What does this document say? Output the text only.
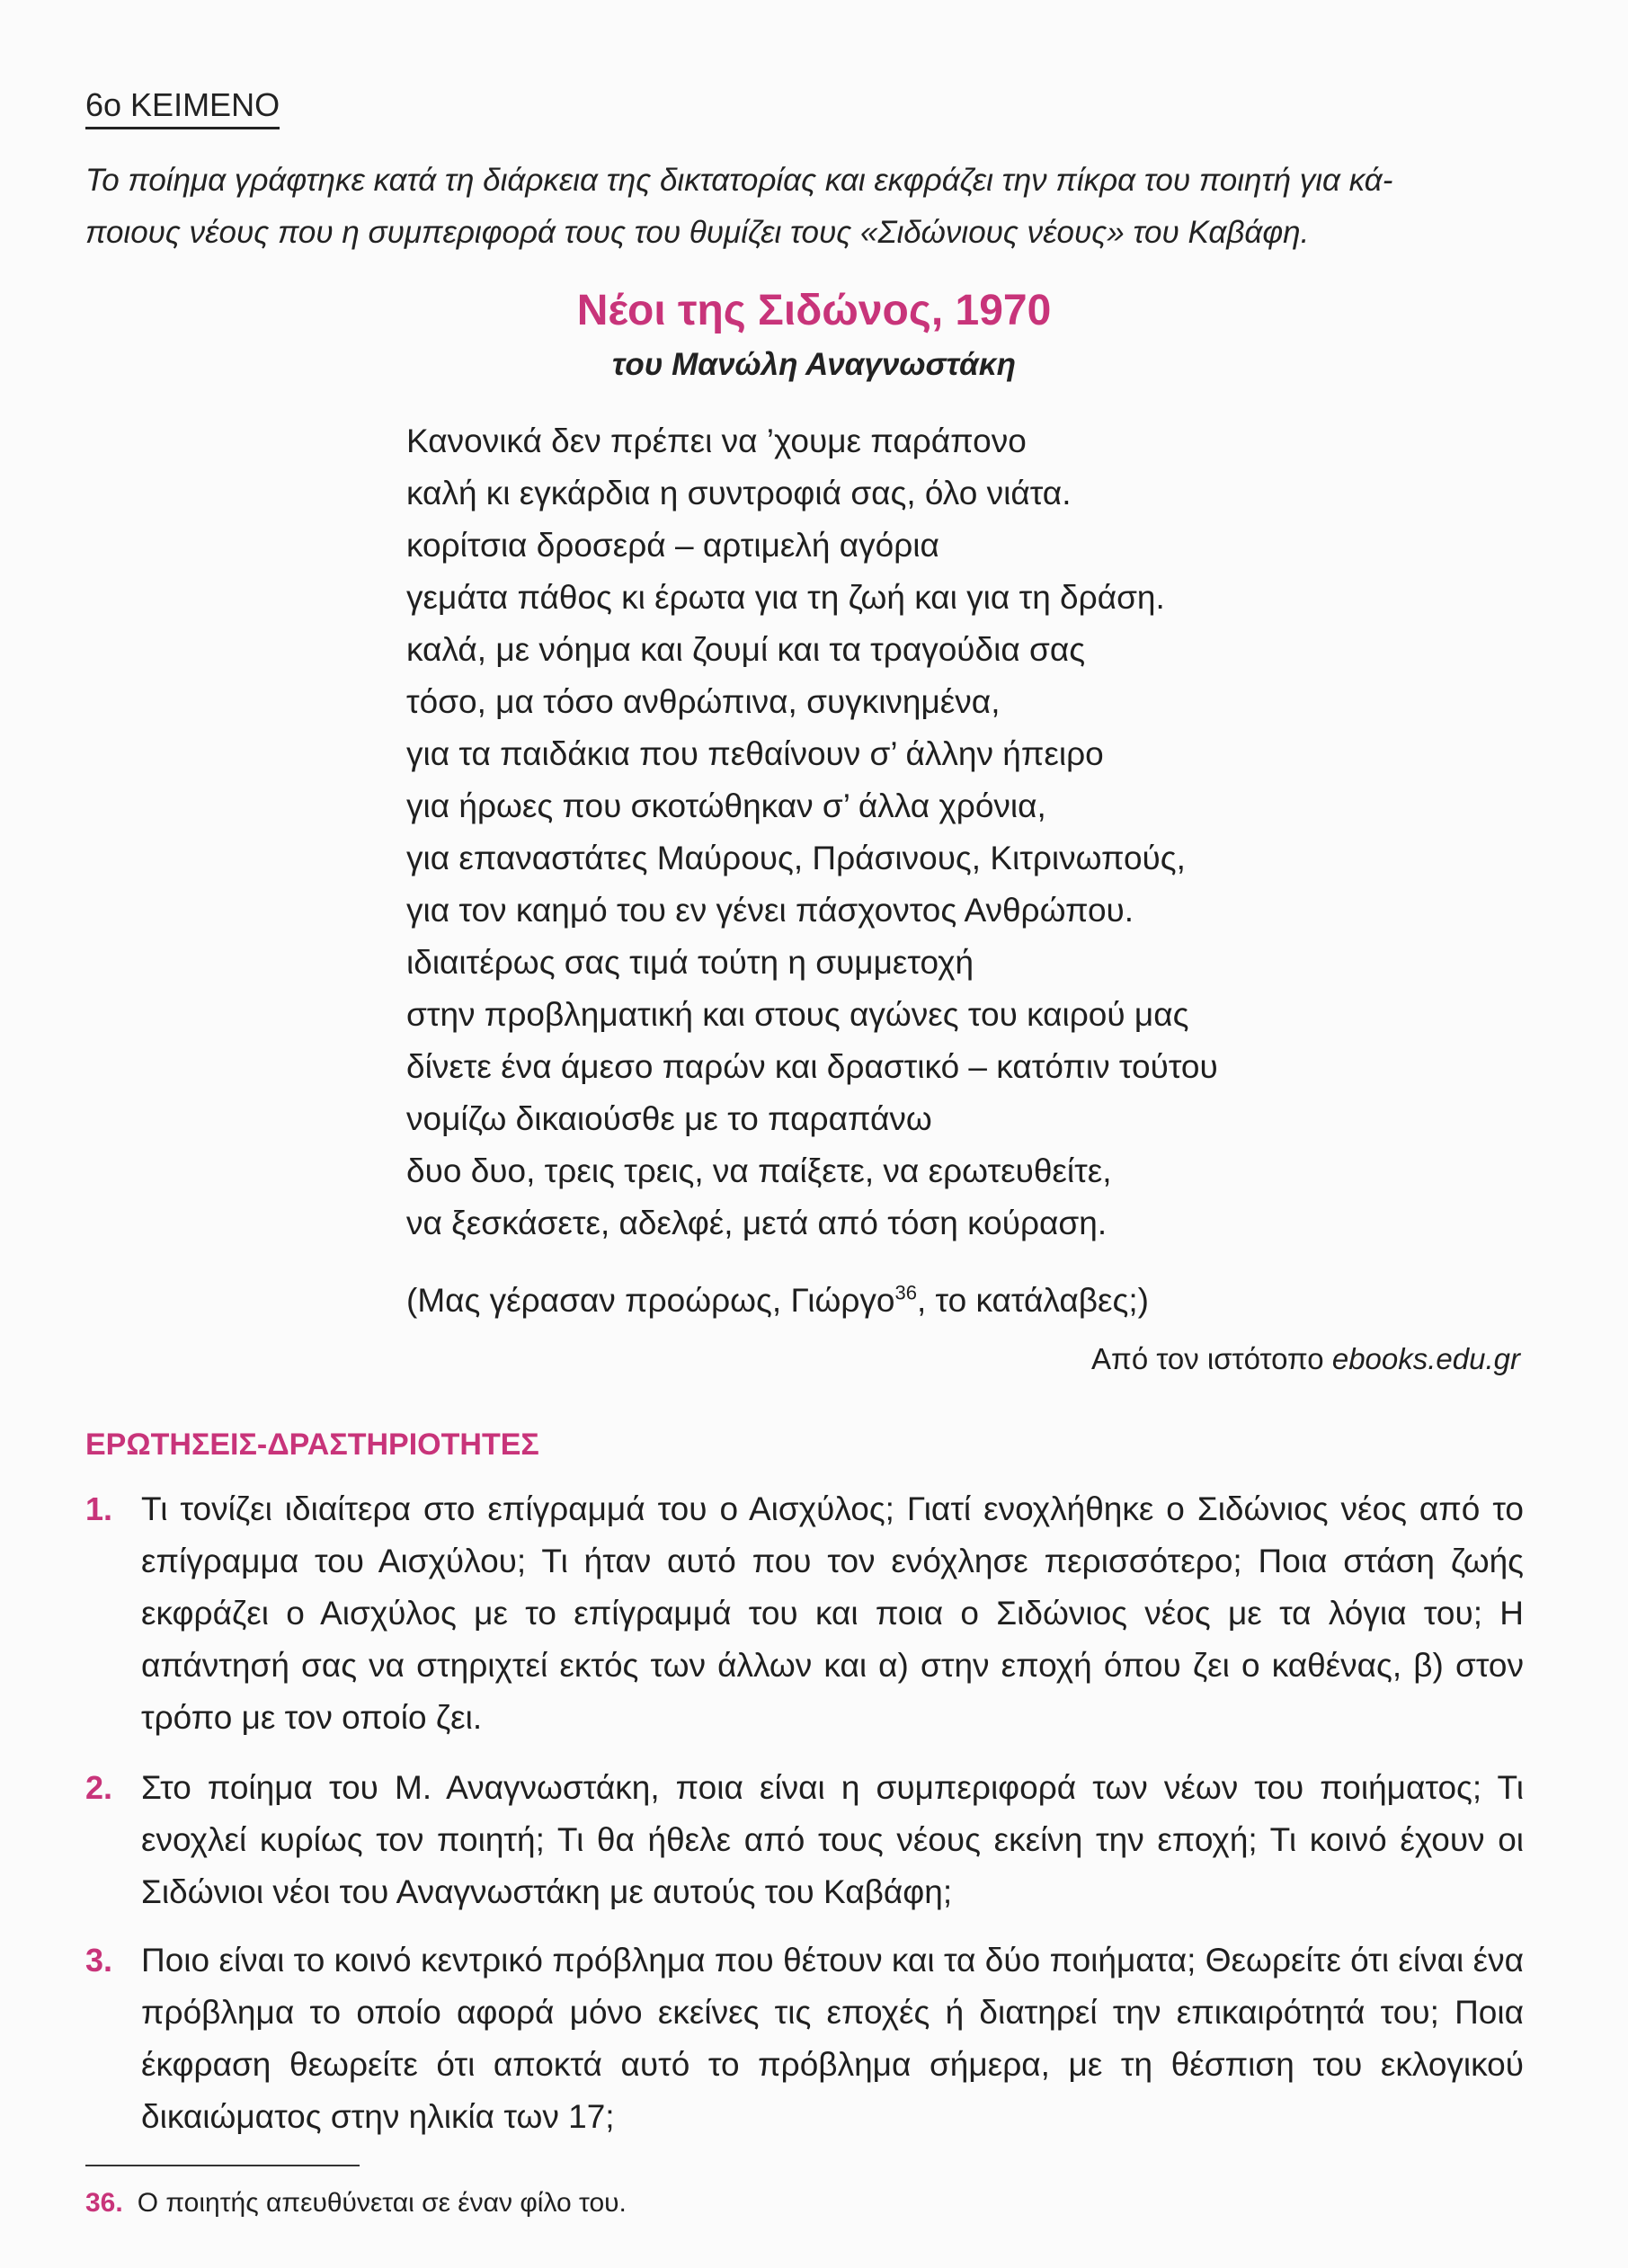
6ο ΚΕΙΜΕΝΟ
Το ποίημα γράφτηκε κατά τη διάρκεια της δικτατορίας και εκφράζει την πίκρα του ποιητή για κά-
ποιους νέους που η συμπεριφορά τους του θυμίζει τους «Σιδώνιους νέους» του Καβάφη.
Νέοι της Σιδώνος, 1970
του Μανώλη Αναγνωστάκη
Κανονικά δεν πρέπει να ’χουμε παράπονο
καλή κι εγκάρδια η συντροφιά σας, όλο νιάτα.
κορίτσια δροσερά – αρτιμελή αγόρια
γεμάτα πάθος κι έρωτα για τη ζωή και για τη δράση.
καλά, με νόημα και ζουμί και τα τραγούδια σας
τόσο, μα τόσο ανθρώπινα, συγκινημένα,
για τα παιδάκια που πεθαίνουν σ’ άλλην ήπειρο
για ήρωες που σκοτώθηκαν σ’ άλλα χρόνια,
για επαναστάτες Μαύρους, Πράσινους, Κιτρινωπούς,
για τον καημό του εν γένει πάσχοντος Ανθρώπου.
ιδιαιτέρως σας τιμά τούτη η συμμετοχή
στην προβληματική και στους αγώνες του καιρού μας
δίνετε ένα άμεσο παρών και δραστικό – κατόπιν τούτου
νομίζω δικαιούσθε με το παραπάνω
δυο δυο, τρεις τρεις, να παίξετε, να ερωτευθείτε,
να ξεσκάσετε, αδελφέ, μετά από τόση κούραση.
(Μας γέρασαν προώρως, Γιώργο$^{36}$, το κατάλαβες;)
Από τον ιστότοπο ebooks.edu.gr
ΕΡΩΤΗΣΕΙΣ-ΔΡΑΣΤΗΡΙΟΤΗΤΕΣ
1. Τι τονίζει ιδιαίτερα στο επίγραμμά του ο Αισχύλος; Γιατί ενοχλήθηκε ο Σιδώνιος νέος από το επίγραμμα του Αισχύλου; Τι ήταν αυτό που τον ενόχλησε περισσότερο; Ποια στάση ζωής εκφράζει ο Αισχύλος με το επίγραμμά του και ποια ο Σιδώνιος νέος με τα λόγια του; Η απάντησή σας να στηριχτεί εκτός των άλλων και α) στην εποχή όπου ζει ο καθένας, β) στον τρόπο με τον οποίο ζει.
2. Στο ποίημα του Μ. Αναγνωστάκη, ποια είναι η συμπεριφορά των νέων του ποιήματος; Τι ενοχλεί κυρίως τον ποιητή; Τι θα ήθελε από τους νέους εκείνη την εποχή; Τι κοινό έχουν οι Σιδώνιοι νέοι του Αναγνωστάκη με αυτούς του Καβάφη;
3. Ποιο είναι το κοινό κεντρικό πρόβλημα που θέτουν και τα δύο ποιήματα; Θεωρείτε ότι είναι ένα πρόβλημα το οποίο αφορά μόνο εκείνες τις εποχές ή διατηρεί την επικαιρότητά του; Ποια έκφραση θεωρείτε ότι αποκτά αυτό το πρόβλημα σήμερα, με τη θέσπιση του εκλογικού δικαιώματος στην ηλικία των 17;
36. Ο ποιητής απευθύνεται σε έναν φίλο του.
